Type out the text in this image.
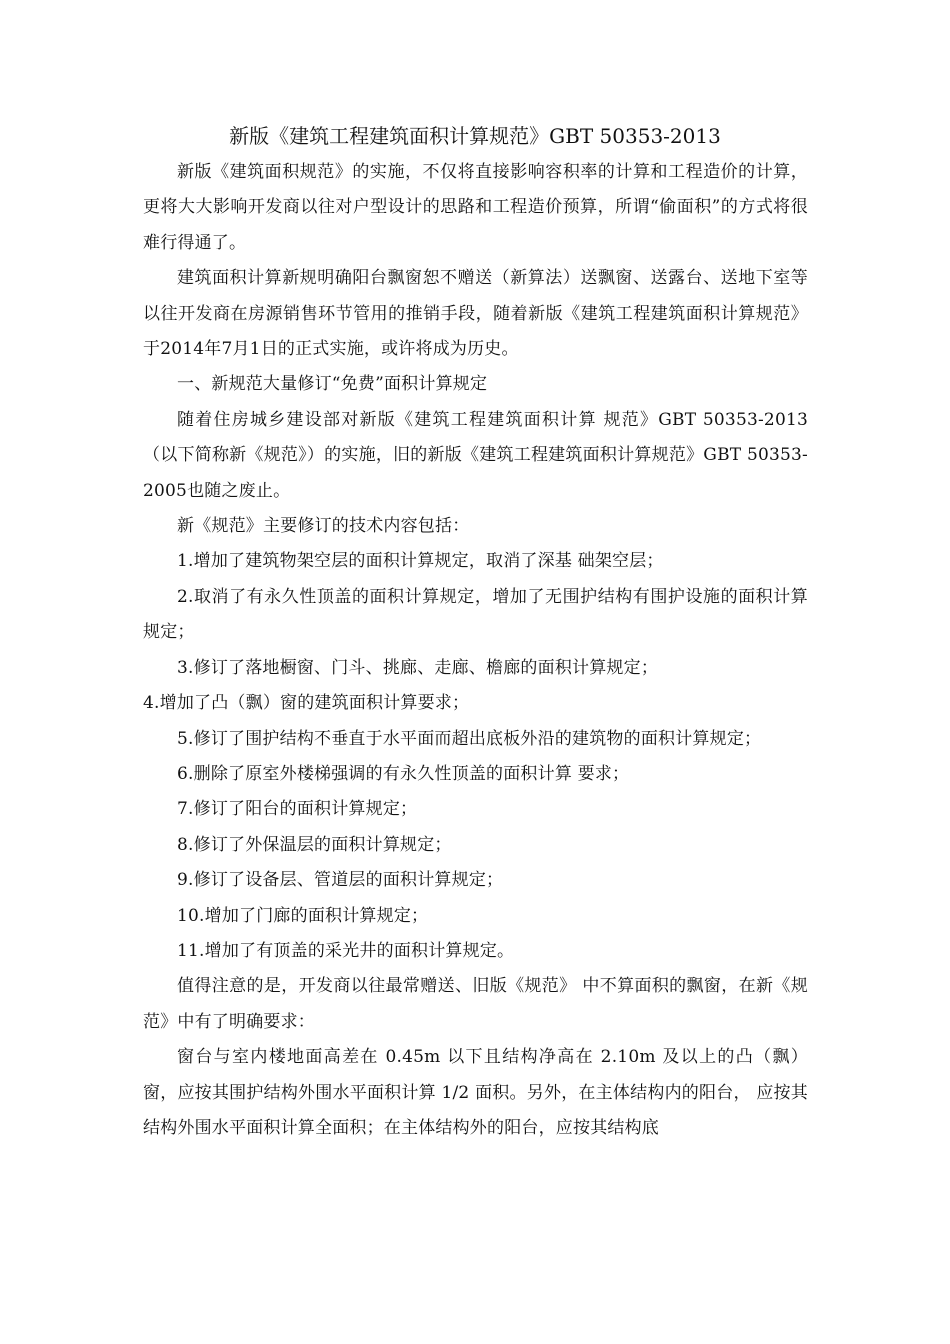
新版《建筑工程建筑面积计算规范》GBT 50353-2013

新版《建筑面积规范》的实施，不仅将直接影响容积率的计算和工程造价的计算，更将大大影响开发商以往对户型设计的思路和工程造价预算，所谓“偷面积”的方式将很难行得通了。

建筑面积计算新规明确阳台飘窗恕不赠送（新算法）送飘窗、送露台、送地下室等以往开发商在房源销售环节管用的推销手段，随着新版《建筑工程建筑面积计算规范》于2014年7月1日的正式实施，或许将成为历史。

一、新规范大量修订“免费”面积计算规定

随着住房城乡建设部对新版《建筑工程建筑面积计算 规范》GBT 50353-2013（以下简称新《规范》）的实施，旧的新版《建筑工程建筑面积计算规范》GBT 50353-2005也随之废止。

新《规范》主要修订的技术内容包括：

1.增加了建筑物架空层的面积计算规定，取消了深基 础架空层；

2.取消了有永久性顶盖的面积计算规定，增加了无围护结构有围护设施的面积计算规定；

3.修订了落地橱窗、门斗、挑廊、走廊、檐廊的面积计算规定；

4.增加了凸（飘）窗的建筑面积计算要求；

5.修订了围护结构不垂直于水平面而超出底板外沿的建筑物的面积计算规定；

6.删除了原室外楼梯强调的有永久性顶盖的面积计算 要求；

7.修订了阳台的面积计算规定；

8.修订了外保温层的面积计算规定；

9.修订了设备层、管道层的面积计算规定；

10.增加了门廊的面积计算规定；

11.增加了有顶盖的采光井的面积计算规定。

值得注意的是，开发商以往最常赠送、旧版《规范》 中不算面积的飘窗，在新《规范》中有了明确要求：

窗台与室内楼地面高差在 0.45m 以下且结构净高在 2.10m 及以上的凸（飘）窗，应按其围护结构外围水平面积计算 1/2 面积。另外，在主体结构内的阳台， 应按其结构外围水平面积计算全面积；在主体结构外的阳台，应按其结构底
